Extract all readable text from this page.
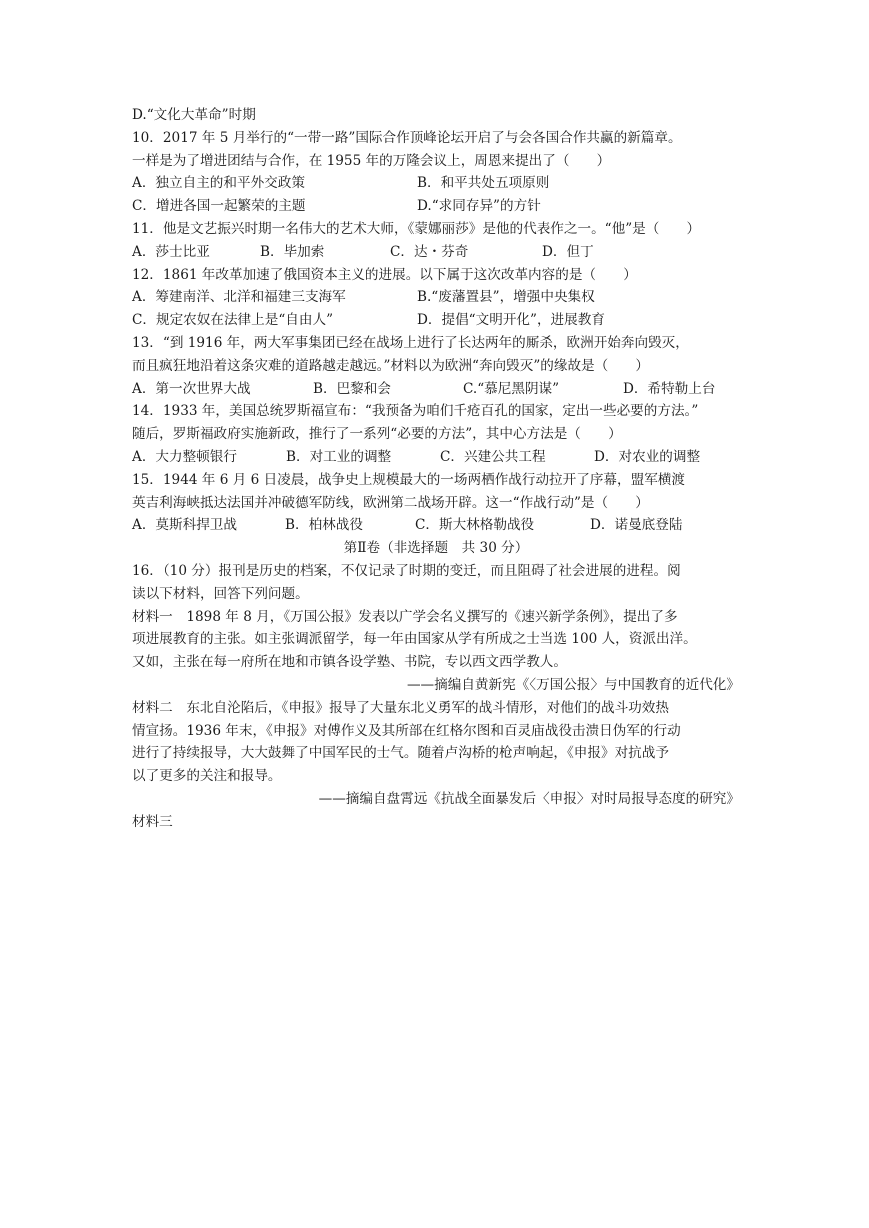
D.“文化大革命”时期
10．2017 年 5 月举行的“一带一路”国际合作顶峰论坛开启了与会各国合作共赢的新篇章。
一样是为了增进团结与合作，在 1955 年的万隆会议上，周恩来提出了（　　）
A．独立自主的和平外交政策	B．和平共处五项原则
C．增进各国一起繁荣的主题	D.“求同存异”的方针
11．他是文艺振兴时期一名伟大的艺术大师，《蒙娜丽莎》是他的代表作之一。“他”是（　　）
A．莎士比亚	B．毕加索	C．达・芬奇	D．但丁
12．1861 年改革加速了俄国资本主义的进展。以下属于这次改革内容的是（　　）
A．筹建南洋、北洋和福建三支海军	B.“废藩置县”，增强中央集权
C．规定农奴在法律上是“自由人”	D．提倡“文明开化”，进展教育
13．“到 1916 年，两大军事集团已经在战场上进行了长达两年的厮杀，欧洲开始奔向毁灭，
而且疯狂地沿着这条灾难的道路越走越远。”材料以为欧洲“奔向毁灭”的缘故是（　　）
A．第一次世界大战	B．巴黎和会	C.“慕尼黑阴谋”	D．希特勒上台
14．1933 年，美国总统罗斯福宣布：“我预备为咱们千疮百孔的国家，定出一些必要的方法。”
随后，罗斯福政府实施新政，推行了一系列“必要的方法”，其中心方法是（　　）
A．大力整顿银行	B．对工业的调整	C．兴建公共工程	D．对农业的调整
15．1944 年 6 月 6 日凌晨，战争史上规模最大的一场两栖作战行动拉开了序幕，盟军横渡
英吉利海峡抵达法国并冲破德军防线，欧洲第二战场开辟。这一“作战行动”是（　　）
A．莫斯科捍卫战	B．柏林战役	C．斯大林格勒战役	D．诺曼底登陆
第Ⅱ卷（非选择题　共 30 分）
16．（10 分）报刊是历史的档案，不仅记录了时期的变迁，而且阻碍了社会进展的进程。阅
读以下材料，回答下列问题。
材料一　1898 年 8 月，《万国公报》发表以广学会名义撰写的《速兴新学条例》，提出了多
项进展教育的主张。如主张调派留学，每一年由国家从学有所成之士当选 100 人，资派出洋。
又如，主张在每一府所在地和市镇各设学塾、书院，专以西文西学教人。
——摘编自黄新宪《〈万国公报〉与中国教育的近代化》
材料二　东北自沦陷后，《申报》报导了大量东北义勇军的战斗情形，对他们的战斗功效热
情宣扬。1936 年末，《申报》对傅作义及其所部在红格尔图和百灵庙战役击溃日伪军的行动
进行了持续报导，大大鼓舞了中国军民的士气。随着卢沟桥的枪声响起，《申报》对抗战予
以了更多的关注和报导。
——摘编自盘霄远《抗战全面暴发后〈申报〉对时局报导态度的研究》
材料三
